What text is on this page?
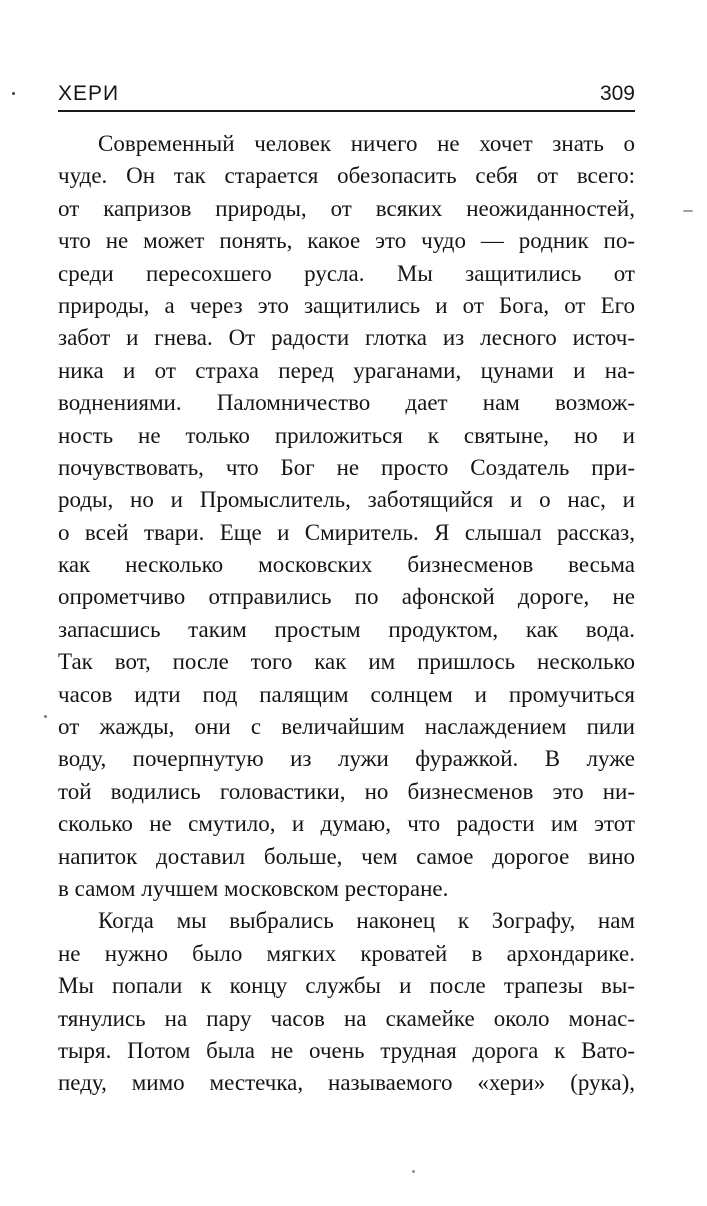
ХЕРИ	309
Современный человек ничего не хочет знать о
чуде. Он так старается обезопасить себя от всего:
от капризов природы, от всяких неожиданностей,
что не может понять, какое это чудо — родник по-
среди пересохшего русла. Мы защитились от
природы, а через это защитились и от Бога, от Его
забот и гнева. От радости глотка из лесного источ-
ника и от страха перед ураганами, цунами и на-
воднениями. Паломничество дает нам возмож-
ность не только приложиться к святыне, но и
почувствовать, что Бог не просто Создатель при-
роды, но и Промыслитель, заботящийся и о нас, и
о всей твари. Еще и Смиритель. Я слышал рассказ,
как несколько московских бизнесменов весьма
опрометчиво отправились по афонской дороге, не
запасшись таким простым продуктом, как вода.
Так вот, после того как им пришлось несколько
часов идти под палящим солнцем и промучиться
от жажды, они с величайшим наслаждением пили
воду, почерпнутую из лужи фуражкой. В луже
той водились головастики, но бизнесменов это ни-
сколько не смутило, и думаю, что радости им этот
напиток доставил больше, чем самое дорогое вино
в самом лучшем московском ресторане.
Когда мы выбрались наконец к Зографу, нам
не нужно было мягких кроватей в архондарике.
Мы попали к концу службы и после трапезы вы-
тянулись на пару часов на скамейке около монас-
тыря. Потом была не очень трудная дорога к Вато-
педу, мимо местечка, называемого «хери» (рука),
